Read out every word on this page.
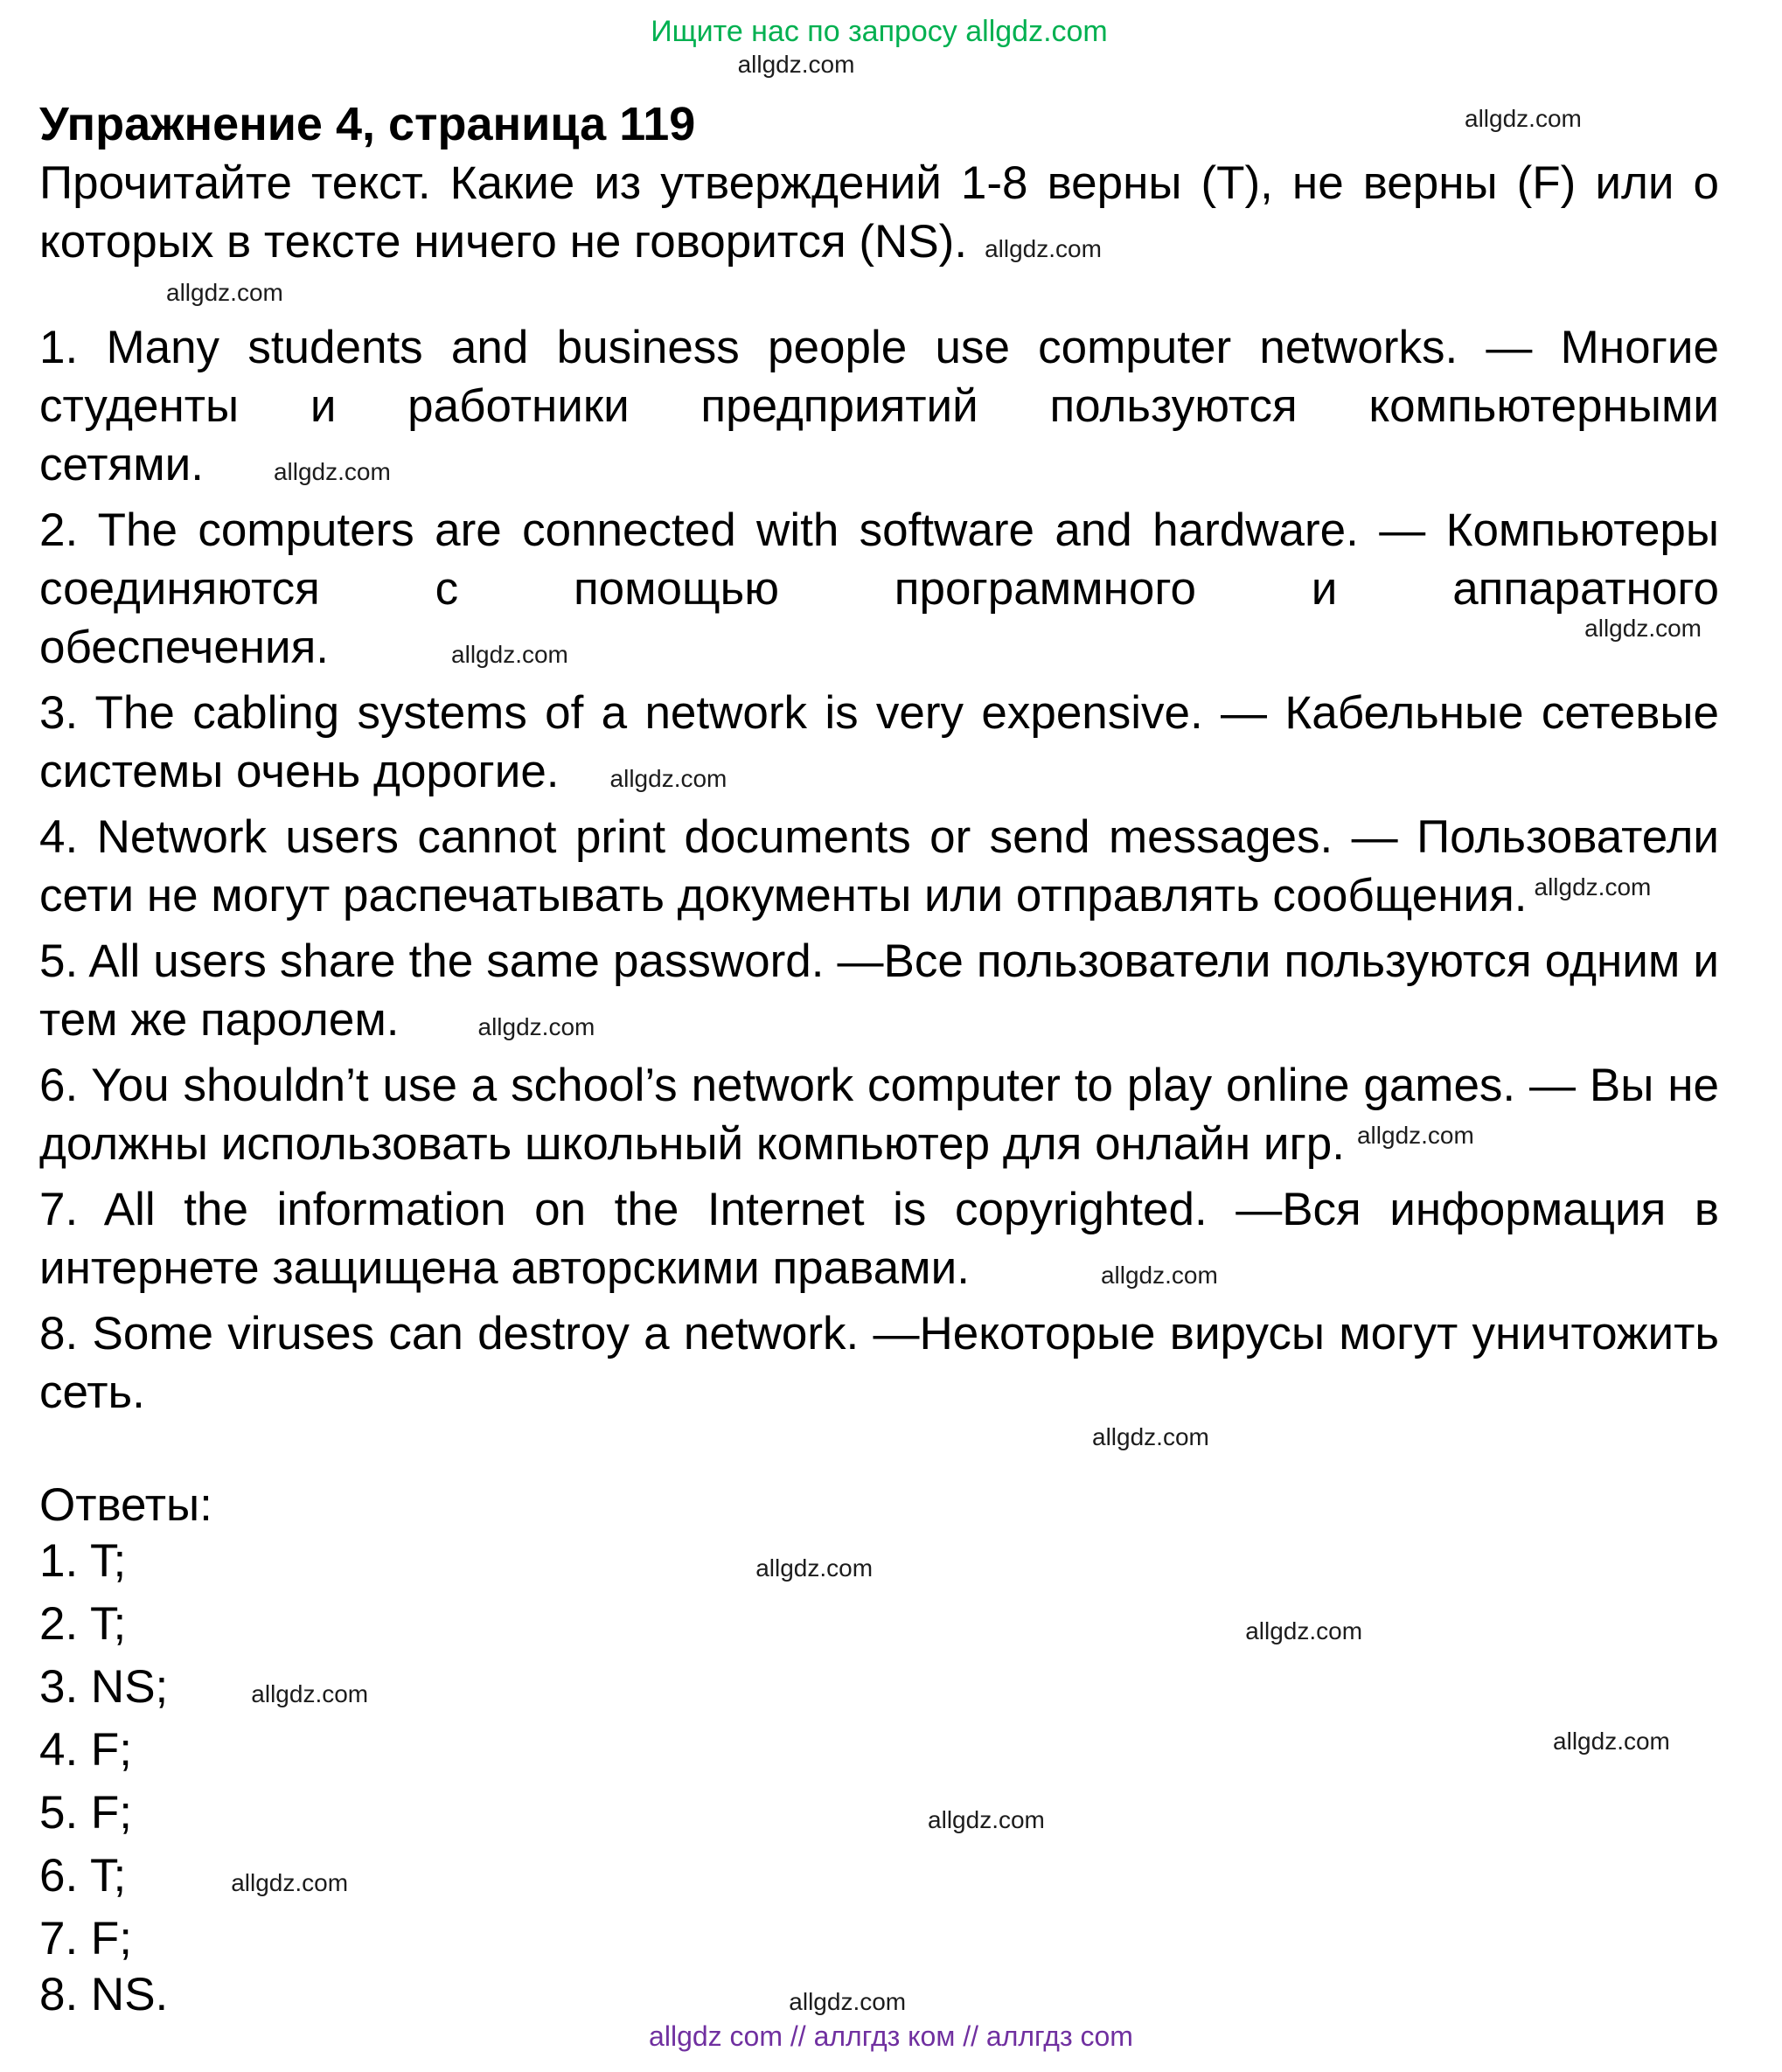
Ищите нас по запросу allgdz.com
allgdz.com
Упражнение 4, страница 119	allgdz.com

Прочитайте текст. Какие из утверждений 1-8 верны (T), не верны (F) или о которых в тексте ничего не говорится (NS). allgdz.com

allgdz.com

1. Many students and business people use computer networks. — Многие студенты и работники предприятий пользуются компьютерными сетями.	allgdz.com

2. The computers are connected with software and hardware. — Компьютеры соединяются с помощью программного и аппаратного обеспечения.	allgdz.com
allgdz.com

3. The cabling systems of a network is very expensive. — Кабельные сетевые системы очень дорогие. allgdz.com

4. Network users cannot print documents or send messages. — Пользователи сети не могут распечатывать документы или отправлять сообщения. $^{allgdz.com}$

5. All users share the same password. —Все пользователи пользуются одним и тем же паролем.	allgdz.com

6. You shouldn’t use a school’s network computer to play online games. — Вы не должны использовать школьный компьютер для онлайн игр. $^{allgdz.com}$

7. All the information on the Internet is copyrighted. —Вся информация в интернете защищена авторскими правами.	allgdz.com

8. Some viruses can destroy a network. —Некоторые вирусы могут уничтожить сеть.

allgdz.com

Ответы:

1. T;	allgdz.com

2. T;	allgdz.com

3. NS;	allgdz.com

4. F;	$^{allgdz.com}$

5. F;	allgdz.com

6. T;	allgdz.com

7. F;

8. NS.	allgdz.com

allgdz com // аллгдз ком // аллгдз com
